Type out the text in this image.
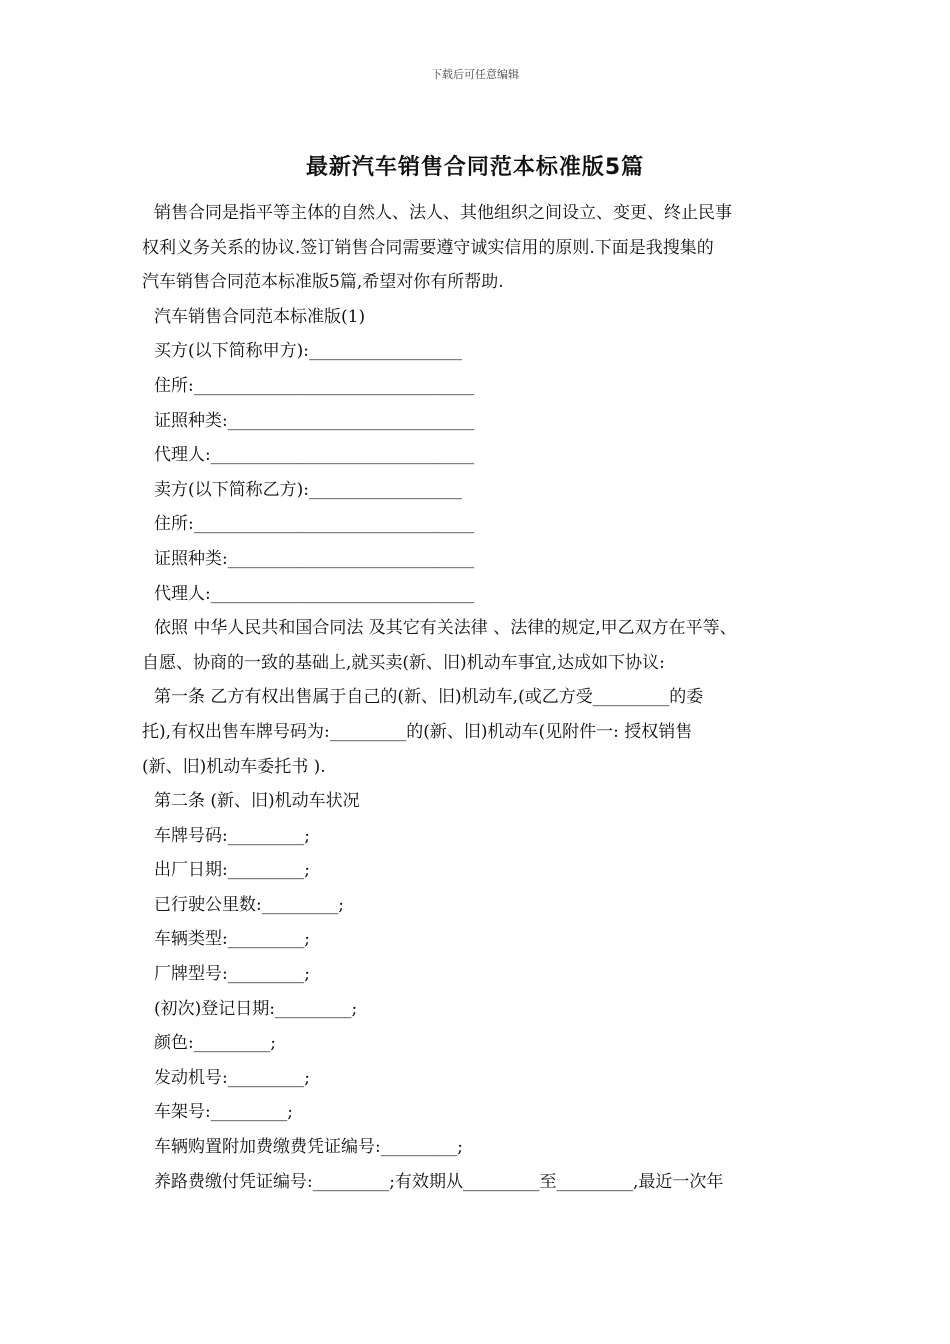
下载后可任意编辑
最新汽车销售合同范本标准版5篇
销售合同是指平等主体的自然人、法人、其他组织之间设立、变更、终止民事
权利义务关系的协议.签订销售合同需要遵守诚实信用的原则.下面是我搜集的
汽车销售合同范本标准版5篇,希望对你有所帮助.
汽车销售合同范本标准版(1)
买方(以下简称甲方):__________________
住所:_________________________________
证照种类:_____________________________
代理人:_______________________________
卖方(以下简称乙方):__________________
住所:_________________________________
证照种类:_____________________________
代理人:_______________________________
依照 中华人民共和国合同法 及其它有关法律 、法律的规定,甲乙双方在平等、
自愿、协商的一致的基础上,就买卖(新、旧)机动车事宜,达成如下协议:
第一条 乙方有权出售属于自己的(新、旧)机动车,(或乙方受_________的委
托),有权出售车牌号码为:_________的(新、旧)机动车(见附件一: 授权销售
(新、旧)机动车委托书 ).
第二条 (新、旧)机动车状况
车牌号码:_________;
出厂日期:_________;
已行驶公里数:_________;
车辆类型:_________;
厂牌型号:_________;
(初次)登记日期:_________;
颜色:_________;
发动机号:_________;
车架号:_________;
车辆购置附加费缴费凭证编号:_________;
养路费缴付凭证编号:_________;有效期从_________至_________,最近一次年
